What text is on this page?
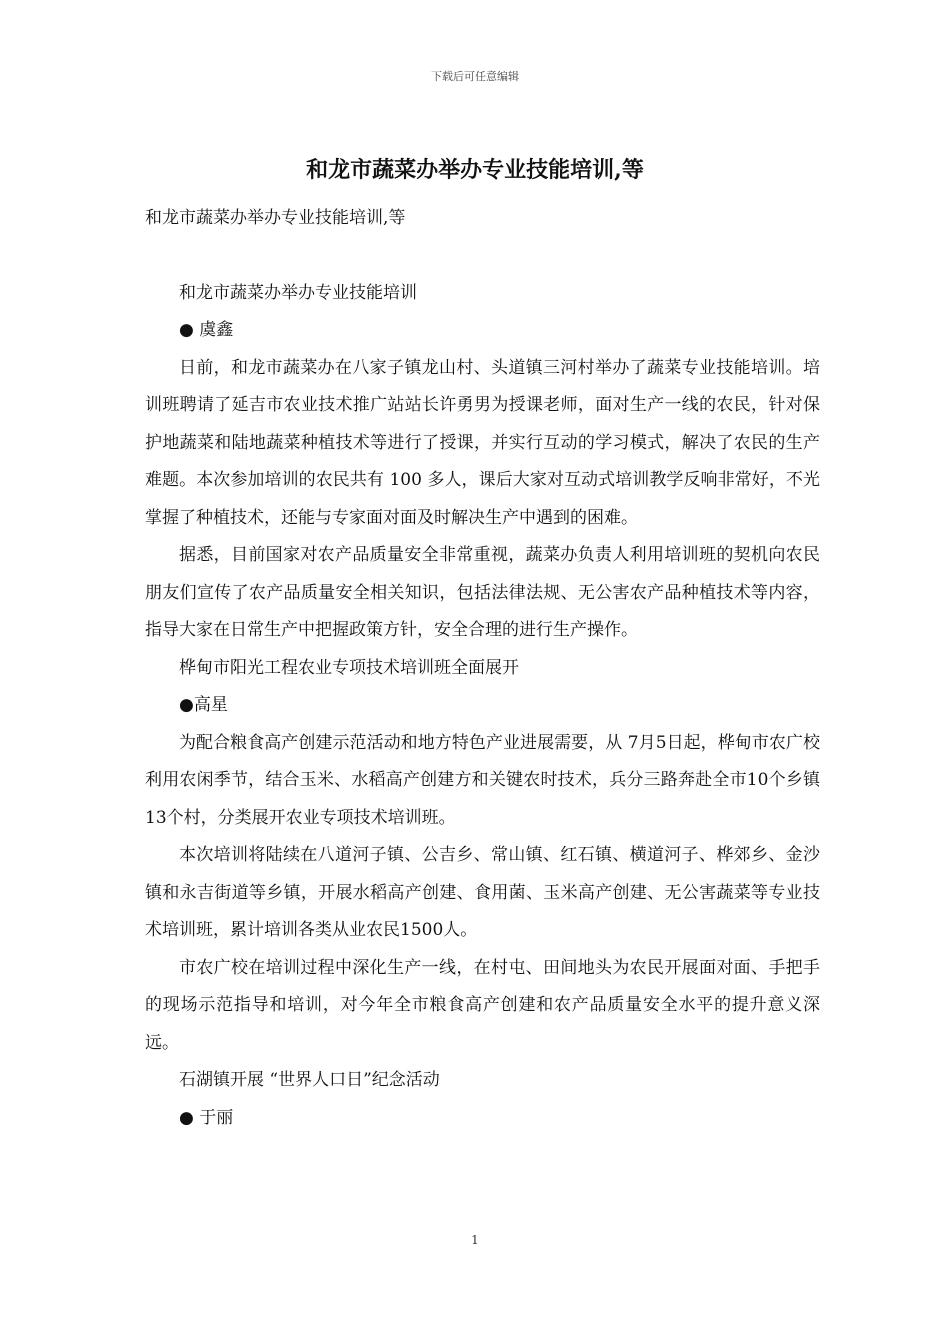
下载后可任意编辑
和龙市蔬菜办举办专业技能培训,等

和龙市蔬菜办举办专业技能培训,等

和龙市蔬菜办举办专业技能培训

● 虞鑫

日前，和龙市蔬菜办在八家子镇龙山村、头道镇三河村举办了蔬菜专业技能培训。培训班聘请了延吉市农业技术推广站站长许勇男为授课老师，面对生产一线的农民，针对保护地蔬菜和陆地蔬菜种植技术等进行了授课，并实行互动的学习模式，解决了农民的生产难题。本次参加培训的农民共有 100 多人，课后大家对互动式培训教学反响非常好，不光掌握了种植技术，还能与专家面对面及时解决生产中遇到的困难。

据悉，目前国家对农产品质量安全非常重视，蔬菜办负责人利用培训班的契机向农民朋友们宣传了农产品质量安全相关知识，包括法律法规、无公害农产品种植技术等内容，指导大家在日常生产中把握政策方针，安全合理的进行生产操作。

桦甸市阳光工程农业专项技术培训班全面展开

●高星

为配合粮食高产创建示范活动和地方特色产业进展需要，从 7月5日起，桦甸市农广校利用农闲季节，结合玉米、水稻高产创建方和关键农时技术，兵分三路奔赴全市10个乡镇13个村，分类展开农业专项技术培训班。

本次培训将陆续在八道河子镇、公吉乡、常山镇、红石镇、横道河子、桦郊乡、金沙镇和永吉街道等乡镇，开展水稻高产创建、食用菌、玉米高产创建、无公害蔬菜等专业技术培训班，累计培训各类从业农民1500人。

市农广校在培训过程中深化生产一线，在村屯、田间地头为农民开展面对面、手把手的现场示范指导和培训，对今年全市粮食高产创建和农产品质量安全水平的提升意义深远。

石湖镇开展 “世界人口日”纪念活动

● 于丽

1
